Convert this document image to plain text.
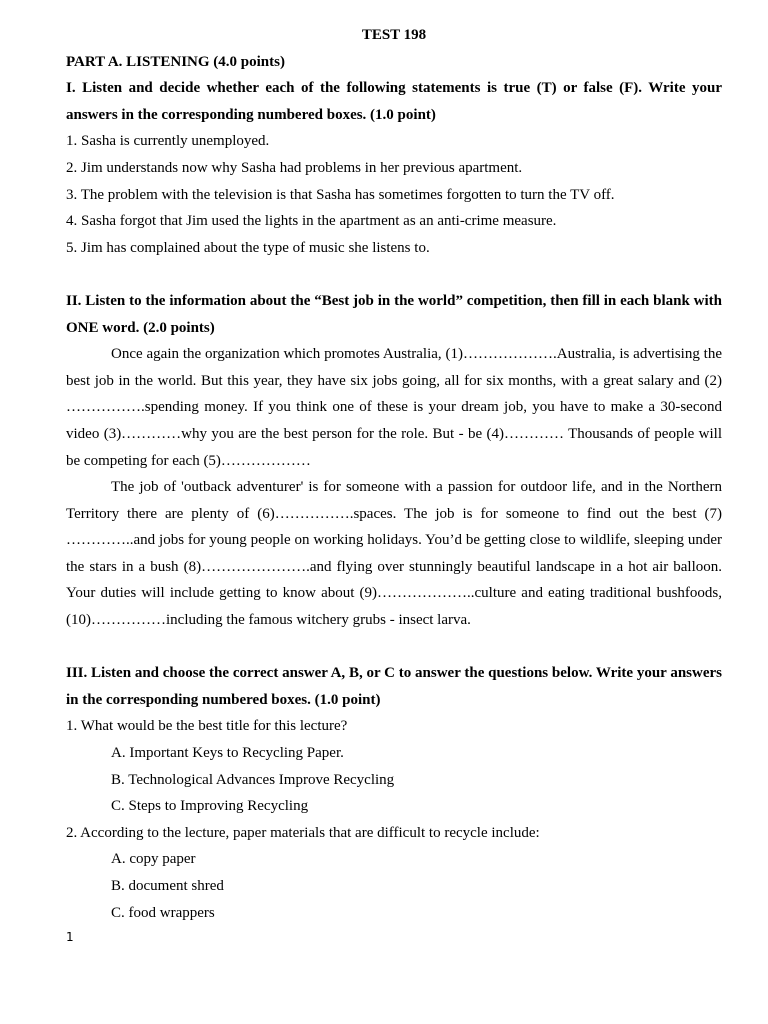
TEST 198

PART A. LISTENING (4.0 points)

I. Listen and decide whether each of the following statements is true (T) or false (F). Write your answers in the corresponding numbered boxes. (1.0 point)

1. Sasha is currently unemployed.

2. Jim understands now why Sasha had problems in her previous apartment.

3. The problem with the television is that Sasha has sometimes forgotten to turn the TV off.

4. Sasha forgot that Jim used the lights in the apartment as an anti-crime measure.

5. Jim has complained about the type of music she listens to.

II. Listen to the information about the “Best job in the world” competition, then fill in each blank with ONE word. (2.0 points)

Once again the organization which promotes Australia, (1)……………….Australia, is advertising the best job in the world. But this year, they have six jobs going, all for six months, with a great salary and (2) …………….spending money. If you think one of these is your dream job, you have to make a 30-second video (3)…………why you are the best person for the role. But - be (4)………… Thousands of people will be competing for each (5)………………

The job of 'outback adventurer' is for someone with a passion for outdoor life, and in the Northern Territory there are plenty of (6)…………….spaces. The job is for someone to find out the best (7) …………..and jobs for young people on working holidays. You’d be getting close to wildlife, sleeping under the stars in a bush (8)………………….and flying over stunningly beautiful landscape in a hot air balloon. Your duties will include getting to know about (9)………………..culture and eating traditional bushfoods, (10)……………including the famous witchery grubs - insect larva.

III. Listen and choose the correct answer A, B, or C to answer the questions below. Write your answers in the corresponding numbered boxes. (1.0 point)

1. What would be the best title for this lecture?

A. Important Keys to Recycling Paper.

B. Technological Advances Improve Recycling

C. Steps to Improving Recycling

2. According to the lecture, paper materials that are difficult to recycle include:

A. copy paper

B. document shred

C. food wrappers

1
